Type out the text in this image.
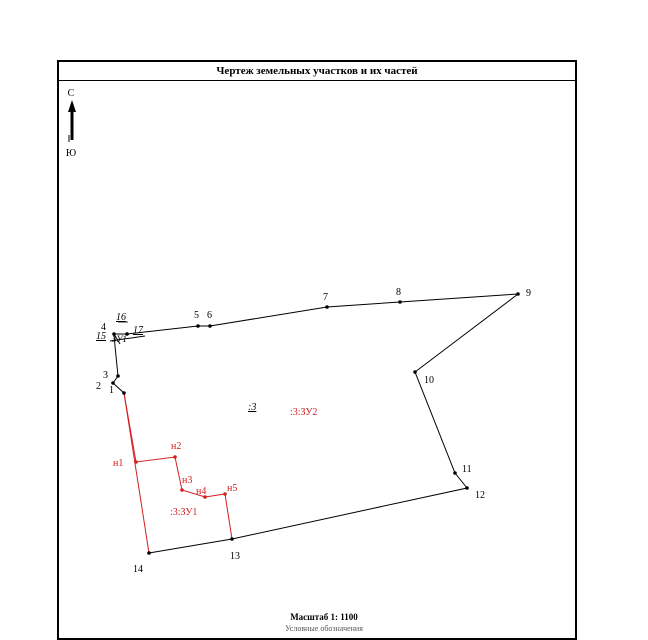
Чертеж земельных участков и их частей
С
Ю
1
2
3
4
15
16
17
ЗУ1
5 6
7	8	9
10
11
12
13
14
:3
н1
н2
н3
н4 н5
:3:ЗУ2
:3:ЗУ1
Масштаб 1: 1100
Условные обозначения
